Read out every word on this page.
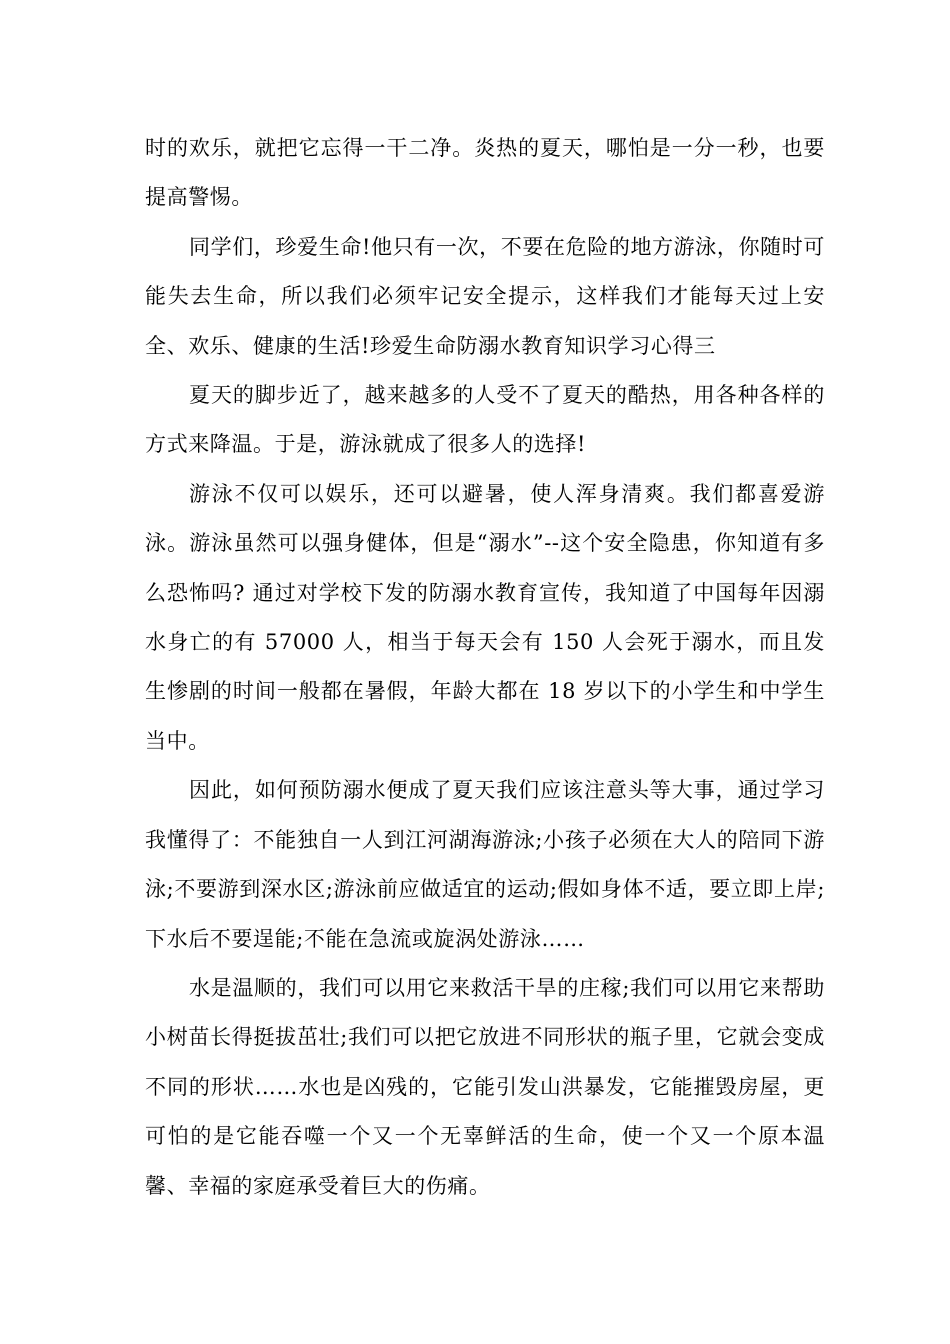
时的欢乐，就把它忘得一干二净。炎热的夏天，哪怕是一分一秒，也要提高警惕。

同学们，珍爱生命!他只有一次，不要在危险的地方游泳，你随时可能失去生命，所以我们必须牢记安全提示，这样我们才能每天过上安全、欢乐、健康的生活!珍爱生命防溺水教育知识学习心得三

夏天的脚步近了，越来越多的人受不了夏天的酷热，用各种各样的方式来降温。于是，游泳就成了很多人的选择!

游泳不仅可以娱乐，还可以避暑，使人浑身清爽。我们都喜爱游泳。游泳虽然可以强身健体，但是“溺水”--这个安全隐患，你知道有多么恐怖吗? 通过对学校下发的防溺水教育宣传，我知道了中国每年因溺水身亡的有 57000 人，相当于每天会有 150 人会死于溺水，而且发生惨剧的时间一般都在暑假，年龄大都在 18 岁以下的小学生和中学生当中。

因此，如何预防溺水便成了夏天我们应该注意头等大事，通过学习我懂得了：不能独自一人到江河湖海游泳;小孩子必须在大人的陪同下游泳;不要游到深水区;游泳前应做适宜的运动;假如身体不适，要立即上岸;下水后不要逞能;不能在急流或旋涡处游泳……

水是温顺的，我们可以用它来救活干旱的庄稼;我们可以用它来帮助小树苗长得挺拔茁壮;我们可以把它放进不同形状的瓶子里，它就会变成不同的形状……水也是凶残的，它能引发山洪暴发，它能摧毁房屋，更可怕的是它能吞噬一个又一个无辜鲜活的生命，使一个又一个原本温馨、幸福的家庭承受着巨大的伤痛。
